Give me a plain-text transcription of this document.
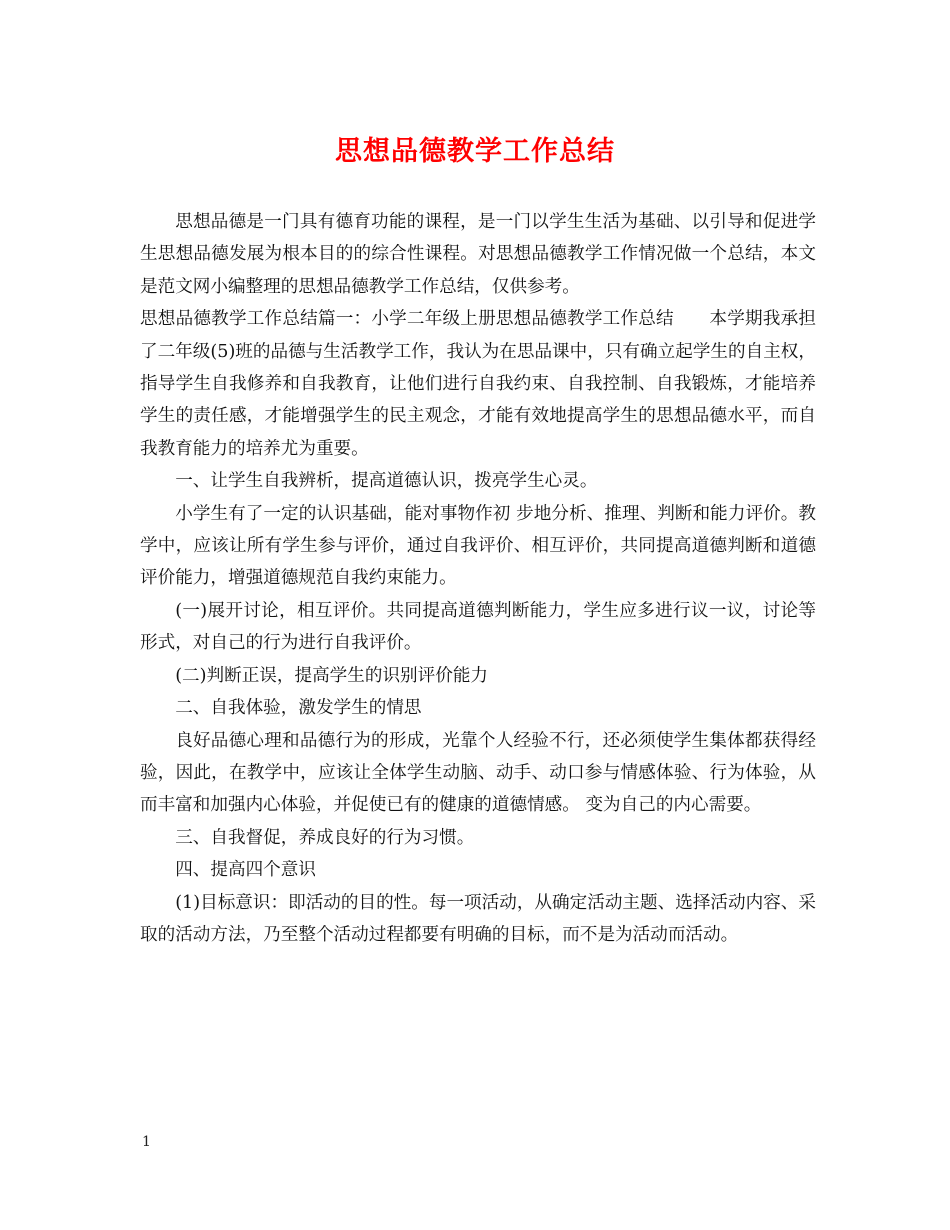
思想品德教学工作总结

思想品德是一门具有德育功能的课程，是一门以学生生活为基础、以引导和促进学生思想品德发展为根本目的的综合性课程。对思想品德教学工作情况做一个总结，本文是范文网小编整理的思想品德教学工作总结，仅供参考。

思想品德教学工作总结篇一：小学二年级上册思想品德教学工作总结　　本学期我承担了二年级(5)班的品德与生活教学工作，我认为在思品课中，只有确立起学生的自主权，指导学生自我修养和自我教育，让他们进行自我约束、自我控制、自我锻炼，才能培养 学生的责任感，才能增强学生的民主观念，才能有效地提高学生的思想品德水平，而自我教育能力的培养尤为重要。

一、让学生自我辨析，提高道德认识，拨亮学生心灵。

小学生有了一定的认识基础，能对事物作初 步地分析、推理、判断和能力评价。教学中，应该让所有学生参与评价，通过自我评价、相互评价，共同提高道德判断和道德评价能力，增强道德规范自我约束能力。

(一)展开讨论，相互评价。共同提高道德判断能力，学生应多进行议一议，讨论等形式，对自己的行为进行自我评价。

(二)判断正误，提高学生的识别评价能力

二、自我体验，激发学生的情思

良好品德心理和品德行为的形成，光靠个人经验不行，还必须使学生集体都获得经验，因此，在教学中，应该让全体学生动脑、动手、动口参与情感体验、行为体验，从而丰富和加强内心体验，并促使已有的健康的道德情感。 变为自己的内心需要。

三、自我督促，养成良好的行为习惯。

四、提高四个意识

(1)目标意识：即活动的目的性。每一项活动，从确定活动主题、选择活动内容、采取的活动方法，乃至整个活动过程都要有明确的目标，而不是为活动而活动。

1
